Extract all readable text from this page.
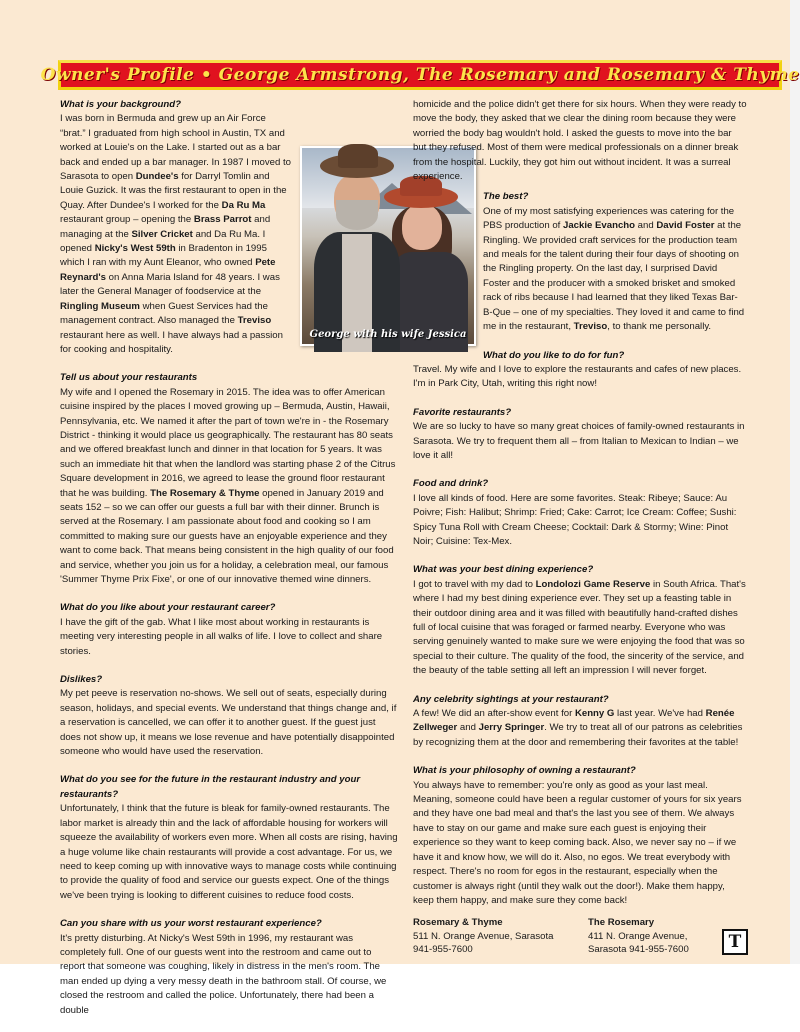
Owner's Profile • George Armstrong, The Rosemary and Rosemary & Thyme
George with his wife Jessica
What is your background?
I was born in Bermuda and grew up an Air Force “brat.” I graduated from high school in Austin, TX and worked at Louie's on the Lake. I started out as a bar back and ended up a bar manager. In 1987 I moved to Sarasota to open Dundee's for Darryl Tomlin and Louie Guzick. It was the first restaurant to open in the Quay. After Dundee's I worked for the Da Ru Ma restaurant group – opening the Brass Parrot and managing at the Silver Cricket and Da Ru Ma. I opened Nicky's West 59th in Bradenton in 1995 which I ran with my Aunt Eleanor, who owned Pete Reynard's on Anna Maria Island for 48 years. I was later the General Manager of foodservice at the Ringling Museum when Guest Services had the management contract. Also managed the Treviso restaurant here as well. I have always had a passion for cooking and hospitality.
Tell us about your restaurants
My wife and I opened the Rosemary in 2015. The idea was to offer American cuisine inspired by the places I moved growing up – Bermuda, Austin, Hawaii, Pennsylvania, etc. We named it after the part of town we're in - the Rosemary District - thinking it would place us geographically. The restaurant has 80 seats and we offered breakfast lunch and dinner in that location for 5 years. It was such an immediate hit that when the landlord was starting phase 2 of the Citrus Square development in 2016, we agreed to lease the ground floor restaurant that he was building. The Rosemary & Thyme opened in January 2019 and seats 152 – so we can offer our guests a full bar with their dinner. Brunch is served at the Rosemary. I am passionate about food and cooking so I am committed to making sure our guests have an enjoyable experience and they want to come back. That means being consistent in the high quality of our food and service, whether you join us for a holiday, a celebration meal, our famous 'Summer Thyme Prix Fixe', or one of our innovative themed wine dinners.
What do you like about your restaurant career?
I have the gift of the gab. What I like most about working in restaurants is meeting very interesting people in all walks of life. I love to collect and share stories.
Dislikes?
My pet peeve is reservation no-shows. We sell out of seats, especially during season, holidays, and special events. We understand that things change and, if a reservation is cancelled, we can offer it to another guest. If the guest just does not show up, it means we lose revenue and have potentially disappointed someone who would have used the reservation.
What do you see for the future in the restaurant industry and your restaurants?
Unfortunately, I think that the future is bleak for family-owned restaurants. The labor market is already thin and the lack of affordable housing for workers will squeeze the availability of workers even more. When all costs are rising, having a huge volume like chain restaurants will provide a cost advantage. For us, we need to keep coming up with innovative ways to manage costs while continuing to provide the quality of food and service our guests expect. One of the things we've been trying is looking to different cuisines to reduce food costs.
Can you share with us your worst restaurant experience?
It's pretty disturbing. At Nicky's West 59th in 1996, my restaurant was completely full. One of our guests went into the restroom and came out to report that someone was coughing, likely in distress in the men's room. The man ended up dying a very messy death in the bathroom stall. Of course, we closed the restroom and called the police. Unfortunately, there had been a double
homicide and the police didn't get there for six hours. When they were ready to move the body, they asked that we clear the dining room because they were worried the body bag wouldn't hold. I asked the guests to move into the bar but they refused. Most of them were medical professionals on a dinner break from the hospital. Luckily, they got him out without incident. It was a surreal experience.
The best?
One of my most satisfying experiences was catering for the PBS production of Jackie Evancho and David Foster at the Ringling. We provided craft services for the production team and meals for the talent during their four days of shooting on the Ringling property. On the last day, I surprised David Foster and the producer with a smoked brisket and smoked rack of ribs because I had learned that they liked Texas Bar-B-Que – one of my specialties. They loved it and came to find me in the restaurant, Treviso, to thank me personally.
What do you like to do for fun?
Travel. My wife and I love to explore the restaurants and cafes of new places. I'm in Park City, Utah, writing this right now!
Favorite restaurants?
We are so lucky to have so many great choices of family-owned restaurants in Sarasota. We try to frequent them all – from Italian to Mexican to Indian – we love it all!
Food and drink?
I love all kinds of food. Here are some favorites. Steak: Ribeye; Sauce: Au Poivre; Fish: Halibut; Shrimp: Fried; Cake: Carrot; Ice Cream: Coffee; Sushi: Spicy Tuna Roll with Cream Cheese; Cocktail: Dark & Stormy; Wine: Pinot Noir; Cuisine: Tex-Mex.
What was your best dining experience?
I got to travel with my dad to Londolozi Game Reserve in South Africa. That's where I had my best dining experience ever. They set up a feasting table in their outdoor dining area and it was filled with beautifully hand-crafted dishes full of local cuisine that was foraged or farmed nearby. Everyone who was serving genuinely wanted to make sure we were enjoying the food that was so special to their culture. The quality of the food, the sincerity of the service, and the beauty of the table setting all left an impression I will never forget.
Any celebrity sightings at your restaurant?
A few! We did an after-show event for Kenny G last year. We've had Renée Zellweger and Jerry Springer. We try to treat all of our patrons as celebrities by recognizing them at the door and remembering their favorites at the table!
What is your philosophy of owning a restaurant?
You always have to remember: you're only as good as your last meal. Meaning, someone could have been a regular customer of yours for six years and they have one bad meal and that's the last you see of them. We always have to stay on our game and make sure each guest is enjoying their experience so they want to keep coming back. Also, we never say no – if we have it and know how, we will do it. Also, no egos. We treat everybody with respect. There's no room for egos in the restaurant, especially when the customer is always right (until they walk out the door!). Make them happy, keep them happy, and make sure they come back!
Rosemary & Thyme
511 N. Orange Avenue, Sarasota
941-955-7600
The Rosemary
411 N. Orange Avenue,
Sarasota 941-955-7600	T
